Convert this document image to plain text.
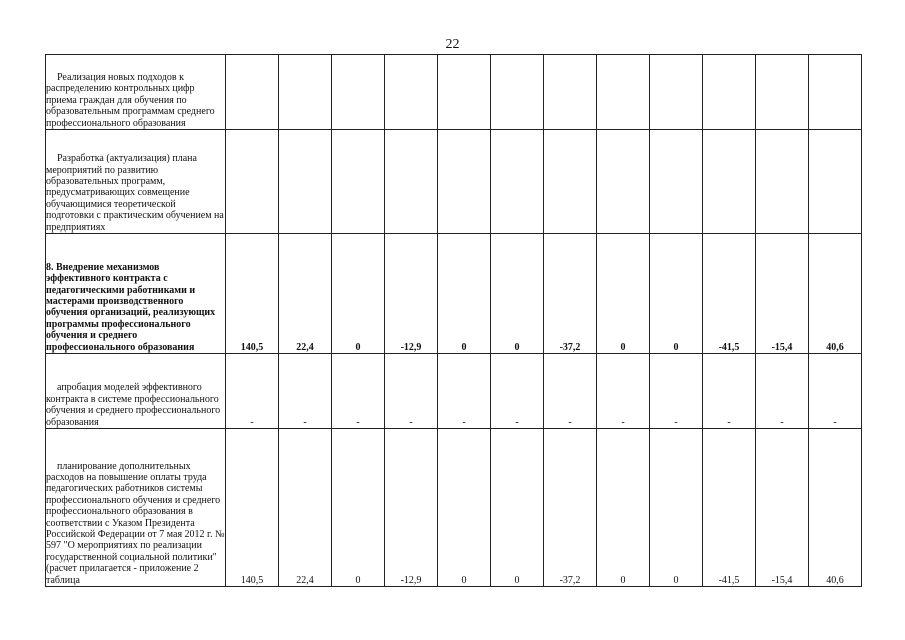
22
Реализация новых подходов к распределению контрольных цифр приема граждан для обучения по образовательным программам среднего профессионального образования												
Разработка (актуализация) плана мероприятий по развитию образовательных программ, предусматривающих совмещение обучающимися теоретической подготовки с практическим обучением на предприятиях												
8. Внедрение механизмов эффективного контракта с педагогическими работниками и мастерами производственного обучения организаций, реализующих программы профессионального обучения и среднего профессионального образования	140,5	22,4	0	-12,9	0	0	-37,2	0	0	-41,5	-15,4	40,6
апробация моделей эффективного контракта в системе профессионального обучения и среднего профессионального образования	-	-	-	-	-	-	-	-	-	-	-	-
планирование дополнительных расходов на повышение оплаты труда педагогических работников системы профессионального обучения и среднего профессионального образования в соответствии с Указом Президента Российской Федерации от 7 мая 2012 г. № 597 "О мероприятиях по реализации государственной социальной политики" (расчет прилагается - приложение 2 таблица	140,5	22,4	0	-12,9	0	0	-37,2	0	0	-41,5	-15,4	40,6
